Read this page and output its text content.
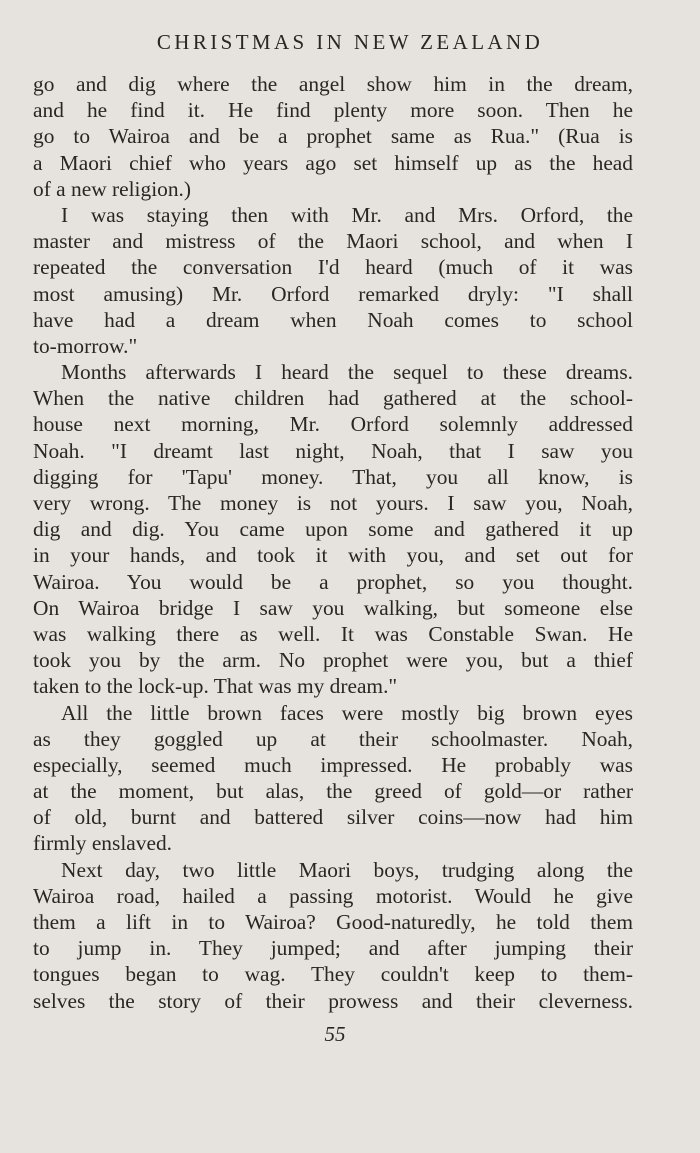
CHRISTMAS IN NEW ZEALAND
go and dig where the angel show him in the dream,
and he find it. He find plenty more soon. Then he
go to Wairoa and be a prophet same as Rua." (Rua is
a Maori chief who years ago set himself up as the head
of a new religion.)
I was staying then with Mr. and Mrs. Orford, the
master and mistress of the Maori school, and when I
repeated the conversation I'd heard (much of it was
most amusing) Mr. Orford remarked dryly: "I shall
have had a dream when Noah comes to school
to-morrow."
Months afterwards I heard the sequel to these dreams.
When the native children had gathered at the school-
house next morning, Mr. Orford solemnly addressed
Noah. "I dreamt last night, Noah, that I saw you
digging for 'Tapu' money. That, you all know, is
very wrong. The money is not yours. I saw you, Noah,
dig and dig. You came upon some and gathered it up
in your hands, and took it with you, and set out for
Wairoa. You would be a prophet, so you thought.
On Wairoa bridge I saw you walking, but someone else
was walking there as well. It was Constable Swan. He
took you by the arm. No prophet were you, but a thief
taken to the lock-up. That was my dream."
All the little brown faces were mostly big brown eyes
as they goggled up at their schoolmaster. Noah,
especially, seemed much impressed. He probably was
at the moment, but alas, the greed of gold—or rather
of old, burnt and battered silver coins—now had him
firmly enslaved.
Next day, two little Maori boys, trudging along the
Wairoa road, hailed a passing motorist. Would he give
them a lift in to Wairoa? Good-naturedly, he told them
to jump in. They jumped; and after jumping their
tongues began to wag. They couldn't keep to them-
selves the story of their prowess and their cleverness.
55
